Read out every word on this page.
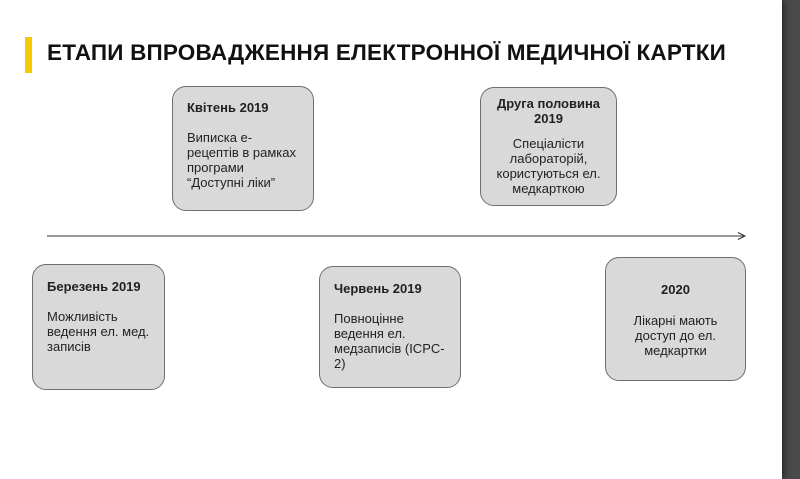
ЕТАПИ ВПРОВАДЖЕННЯ ЕЛЕКТРОННОЇ МЕДИЧНОЇ КАРТКИ
Березень 2019
Можливість ведення ел. мед. записів
Квітень 2019
Виписка е-рецептів в рамках програми “Доступні ліки”
Червень 2019
Повноцінне ведення ел. медзаписів (ICPC-2)
Друга половина 2019
Спеціалісти лабораторій, користуються ел. медкарткою
2020
Лікарні мають доступ до ел. медкартки
